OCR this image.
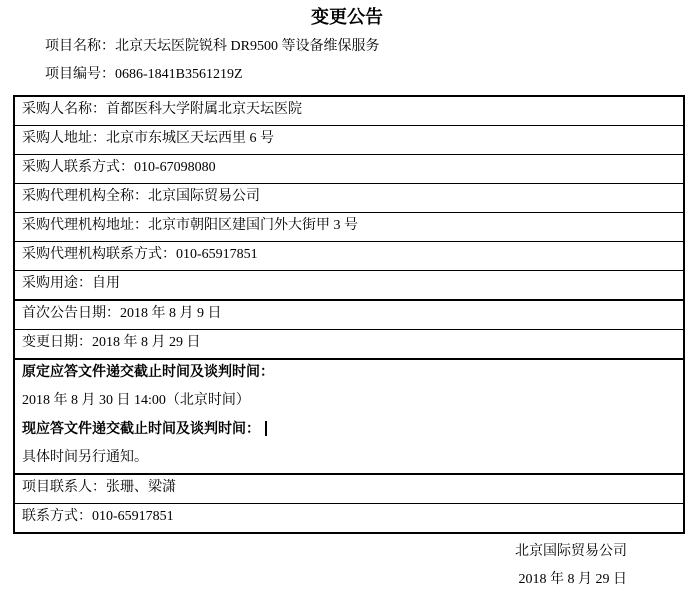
变更公告
项目名称：北京天坛医院锐科 DR9500 等设备维保服务
项目编号：0686-1841B3561219Z
采购人名称：首都医科大学附属北京天坛医院
采购人地址：北京市东城区天坛西里 6 号
采购人联系方式：010-67098080
采购代理机构全称：北京国际贸易公司
采购代理机构地址：北京市朝阳区建国门外大街甲 3 号
采购代理机构联系方式：010-65917851
采购用途：自用
首次公告日期：2018 年 8 月 9 日
变更日期：2018 年 8 月 29 日

原定应答文件递交截止时间及谈判时间：

2018 年 8 月 30 日 14:00（北京时间）

现应答文件递交截止时间及谈判时间：

具体时间另行通知。

项目联系人：张珊、梁潇
联系方式：010-65917851
北京国际贸易公司
2018 年 8 月 29 日
